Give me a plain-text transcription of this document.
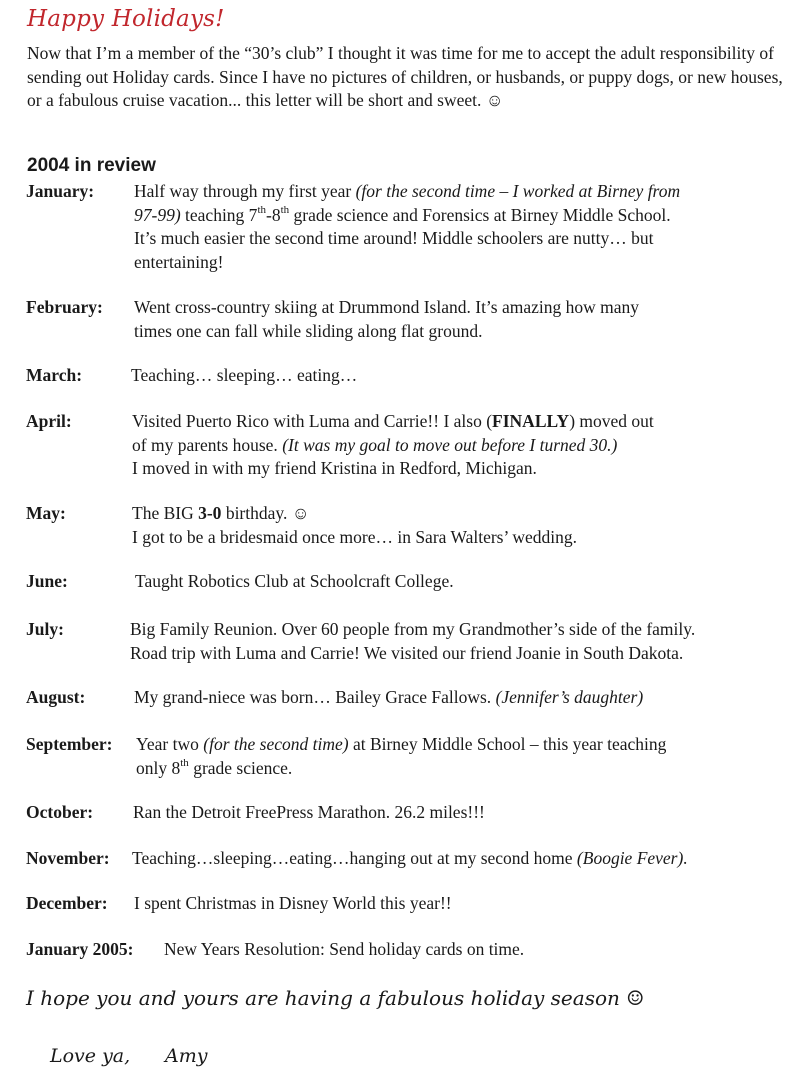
Happy Holidays!

Now that I’m a member of the “30’s club” I thought it was time for me to accept the adult responsibility of sending out Holiday cards. Since I have no pictures of children, or husbands, or puppy dogs, or new houses, or a fabulous cruise vacation... this letter will be short and sweet. ☺

2004 in review
January: Half way through my first year (for the second time – I worked at Birney from
97-99) teaching 7th-8th grade science and Forensics at Birney Middle School.
It’s much easier the second time around! Middle schoolers are nutty… but
entertaining!
February: Went cross-country skiing at Drummond Island. It’s amazing how many
times one can fall while sliding along flat ground.
March:	Teaching… sleeping… eating…
April:	Visited Puerto Rico with Luma and Carrie!! I also (FINALLY) moved out
of my parents house. (It was my goal to move out before I turned 30.)
I moved in with my friend Kristina in Redford, Michigan.
May:	The BIG 3-0 birthday. ☺
I got to be a bridesmaid once more… in Sara Walters’ wedding.
June:	Taught Robotics Club at Schoolcraft College.
July:	Big Family Reunion. Over 60 people from my Grandmother’s side of the family.
Road trip with Luma and Carrie! We visited our friend Joanie in South Dakota.
August:	My grand-niece was born… Bailey Grace Fallows. (Jennifer’s daughter)
September: Year two (for the second time) at Birney Middle School – this year teaching
only 8th grade science.
October: Ran the Detroit FreePress Marathon. 26.2 miles!!!
November: Teaching…sleeping…eating…hanging out at my second home (Boogie Fever).
December: I spent Christmas in Disney World this year!!
January 2005: New Years Resolution: Send holiday cards on time.
I hope you and yours are having a fabulous holiday season ☺
Love ya, Amy
